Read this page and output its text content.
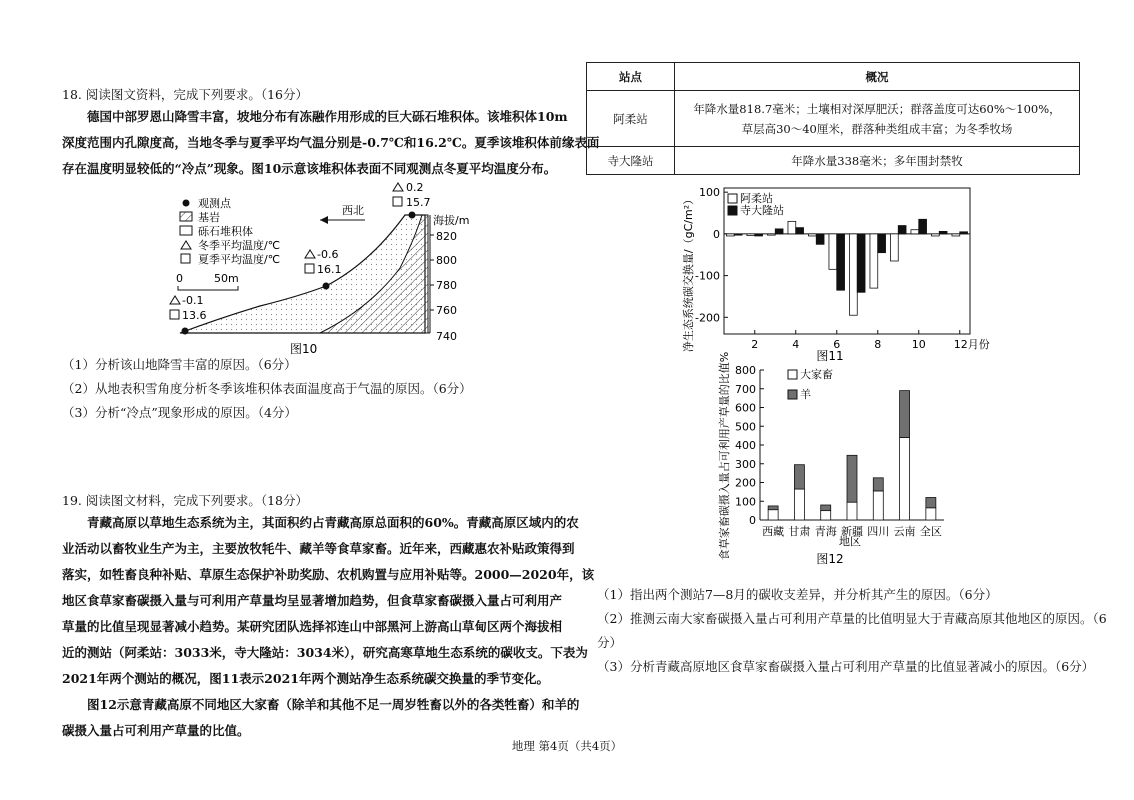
18. 阅读图文资料，完成下列要求。（16分）

德国中部罗恩山降雪丰富，坡地分布有冻融作用形成的巨大砾石堆积体。该堆积体10m

深度范围内孔隙度高，当地冬季与夏季平均气温分别是-0.7℃和16.2℃。夏季该堆积体前缘表面

存在温度明显较低的“冷点”现象。图10示意该堆积体表面不同观测点冬夏平均温度分布。

海拔/m
820
800
780
760
740
-0.1
13.6
-0.6
16.1
0.2
15.7
西北
观测点
基岩
砾石堆积体
冬季平均温度/℃
夏季平均温度/℃
0	50m
图10
（1）分析该山地降雪丰富的原因。（6分）
（2）从地表积雪角度分析冬季该堆积体表面温度高于气温的原因。（6分）
（3）分析“冷点”现象形成的原因。（4分）
19. 阅读图文材料，完成下列要求。（18分）

青藏高原以草地生态系统为主，其面积约占青藏高原总面积的60%。青藏高原区域内的农

业活动以畜牧业生产为主，主要放牧牦牛、藏羊等食草家畜。近年来，西藏惠农补贴政策得到

落实，如牲畜良种补贴、草原生态保护补助奖励、农机购置与应用补贴等。2000—2020年，该

地区食草家畜碳摄入量与可利用产草量均呈显著增加趋势，但食草家畜碳摄入量占可利用产

草量的比值呈现显著减小趋势。某研究团队选择祁连山中部黑河上游高山草甸区两个海拔相

近的测站（阿柔站：3033米，寺大隆站：3034米），研究高寒草地生态系统的碳收支。下表为

2021年两个测站的概况，图11表示2021年两个测站净生态系统碳交换量的季节变化。

图12示意青藏高原不同地区大家畜（除羊和其他不足一周岁牲畜以外的各类牲畜）和羊的

碳摄入量占可利用产草量的比值。

站点	概况
阿柔站	年降水量818.7毫米；土壤相对深厚肥沃；群落盖度可达60%～100%，
草层高30～40厘米，群落种类组成丰富；为冬季牧场

寺大隆站	年降水量338毫米；多年围封禁牧
净生态系统碳交换量/（gC/m²）
100
0
-100
-200
2	4	6	8	10	12月份
阿柔站
寺大隆站
图11
食草家畜碳摄入量占可利用产草量的比值% 0
100
200
300
400
500
600
700
800
西藏 甘肃 青海 新疆 四川 云南 全区
大家畜
羊
地区
图12
（1）指出两个测站7—8月的碳收支差异，并分析其产生的原因。（6分）
（2）推测云南大家畜碳摄入量占可利用产草量的比值明显大于青藏高原其他地区的原因。（6
分）
（3）分析青藏高原地区食草家畜碳摄入量占可利用产草量的比值显著减小的原因。（6分）
地理 第4页（共4页）
